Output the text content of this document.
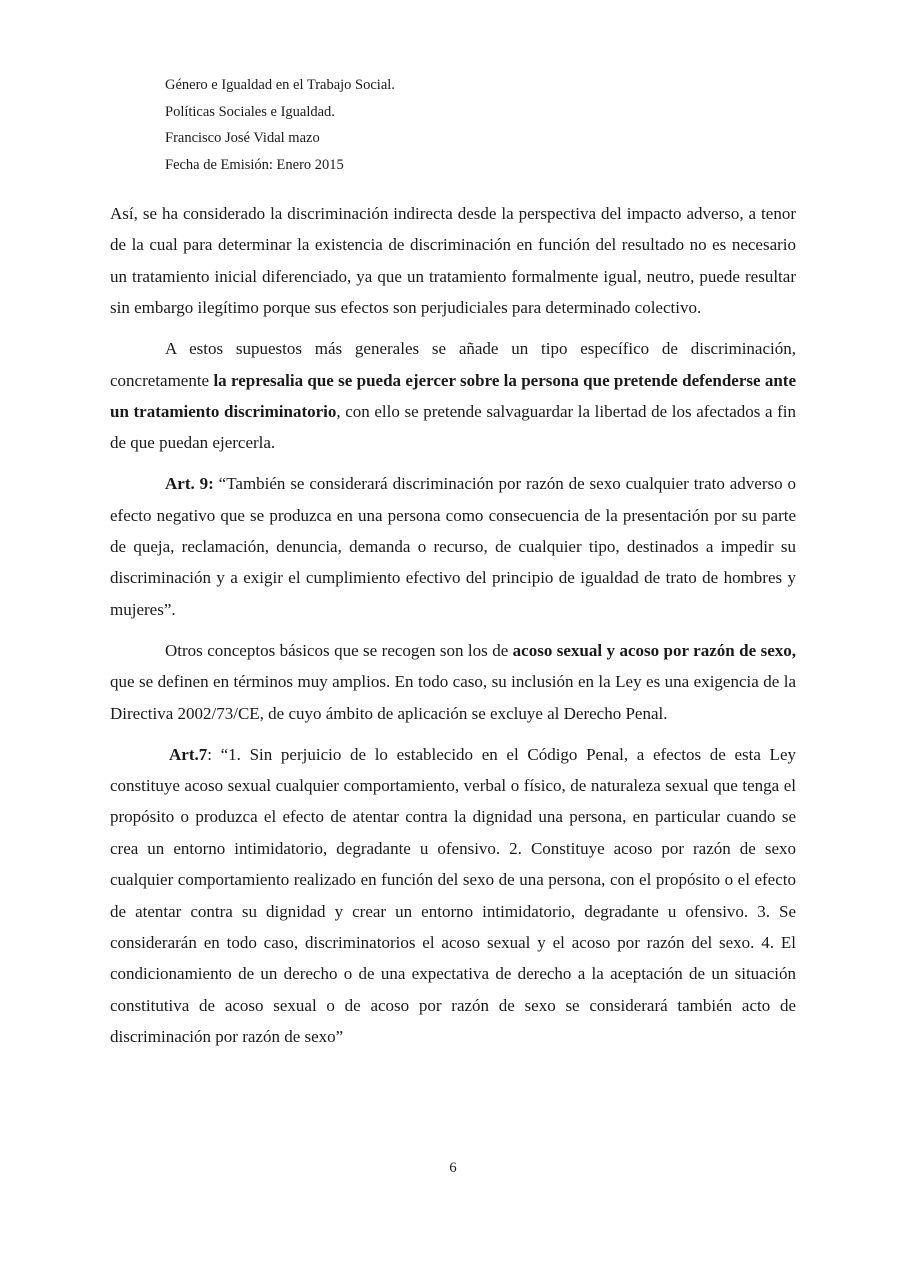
Género e Igualdad en el Trabajo Social.
Políticas Sociales e Igualdad.
Francisco José Vidal mazo
Fecha de Emisión: Enero 2015

Así, se ha considerado la discriminación indirecta desde la perspectiva del impacto adverso, a tenor de la cual para determinar la existencia de discriminación en función del resultado no es necesario un tratamiento inicial diferenciado, ya que un tratamiento formalmente igual, neutro, puede resultar sin embargo ilegítimo porque sus efectos son perjudiciales para determinado colectivo.

A estos supuestos más generales se añade un tipo específico de discriminación, concretamente la represalia que se pueda ejercer sobre la persona que pretende defenderse ante un tratamiento discriminatorio, con ello se pretende salvaguardar la libertad de los afectados a fin de que puedan ejercerla.

Art. 9: “También se considerará discriminación por razón de sexo cualquier trato adverso o efecto negativo que se produzca en una persona como consecuencia de la presentación por su parte de queja, reclamación, denuncia, demanda o recurso, de cualquier tipo, destinados a impedir su discriminación y a exigir el cumplimiento efectivo del principio de igualdad de trato de hombres y mujeres”.

Otros conceptos básicos que se recogen son los de acoso sexual y acoso por razón de sexo, que se definen en términos muy amplios. En todo caso, su inclusión en la Ley es una exigencia de la Directiva 2002/73/CE, de cuyo ámbito de aplicación se excluye al Derecho Penal.

Art.7: “1. Sin perjuicio de lo establecido en el Código Penal, a efectos de esta Ley constituye acoso sexual cualquier comportamiento, verbal o físico, de naturaleza sexual que tenga el propósito o produzca el efecto de atentar contra la dignidad una persona, en particular cuando se crea un entorno intimidatorio, degradante u ofensivo. 2. Constituye acoso por razón de sexo cualquier comportamiento realizado en función del sexo de una persona, con el propósito o el efecto de atentar contra su dignidad y crear un entorno intimidatorio, degradante u ofensivo. 3. Se considerarán en todo caso, discriminatorios el acoso sexual y el acoso por razón del sexo. 4. El condicionamiento de un derecho o de una expectativa de derecho a la aceptación de un situación constitutiva de acoso sexual o de acoso por razón de sexo se considerará también acto de discriminación por razón de sexo”

6
